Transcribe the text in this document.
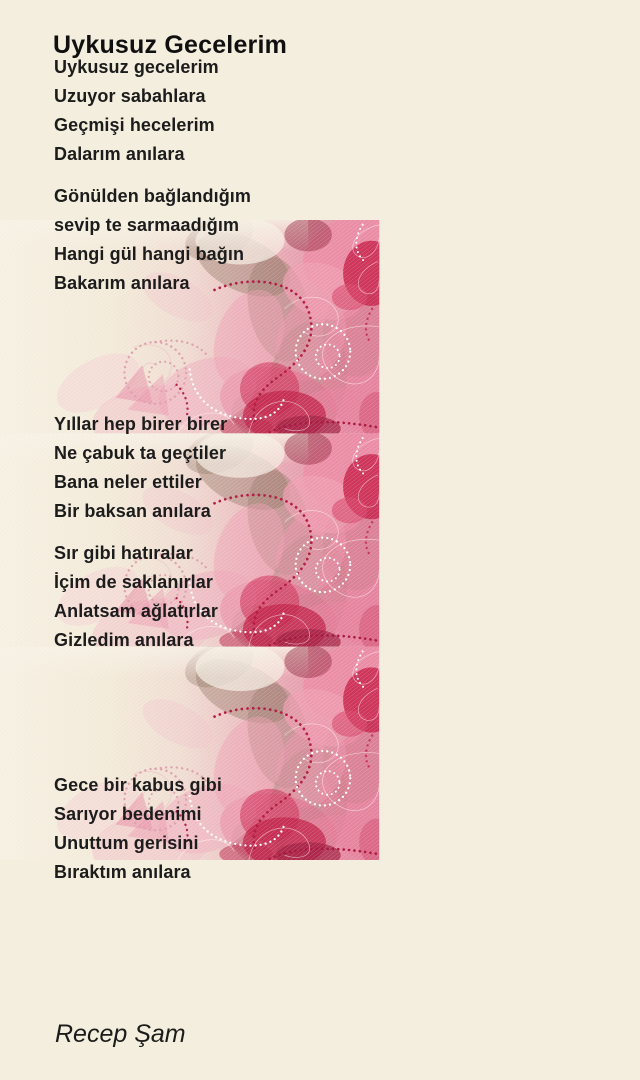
Uykusuz Gecelerim
Uykusuz gecelerim
Uzuyor sabahlara
Geçmişi hecelerim
Dalarım anılara
Gönülden bağlandığım
sevip te sarmaadığım
Hangi gül hangi bağın
Bakarım anılara
Yıllar hep birer birer
Ne çabuk ta geçtiler
Bana neler ettiler
Bir baksan anılara
Sır gibi hatıralar
İçim de saklanırlar
Anlatsam ağlatırlar
Gizledim anılara
Gece bir kabus gibi
Sarıyor bedenimi
Unuttum gerisini
Bıraktım anılara
Recep Şam
